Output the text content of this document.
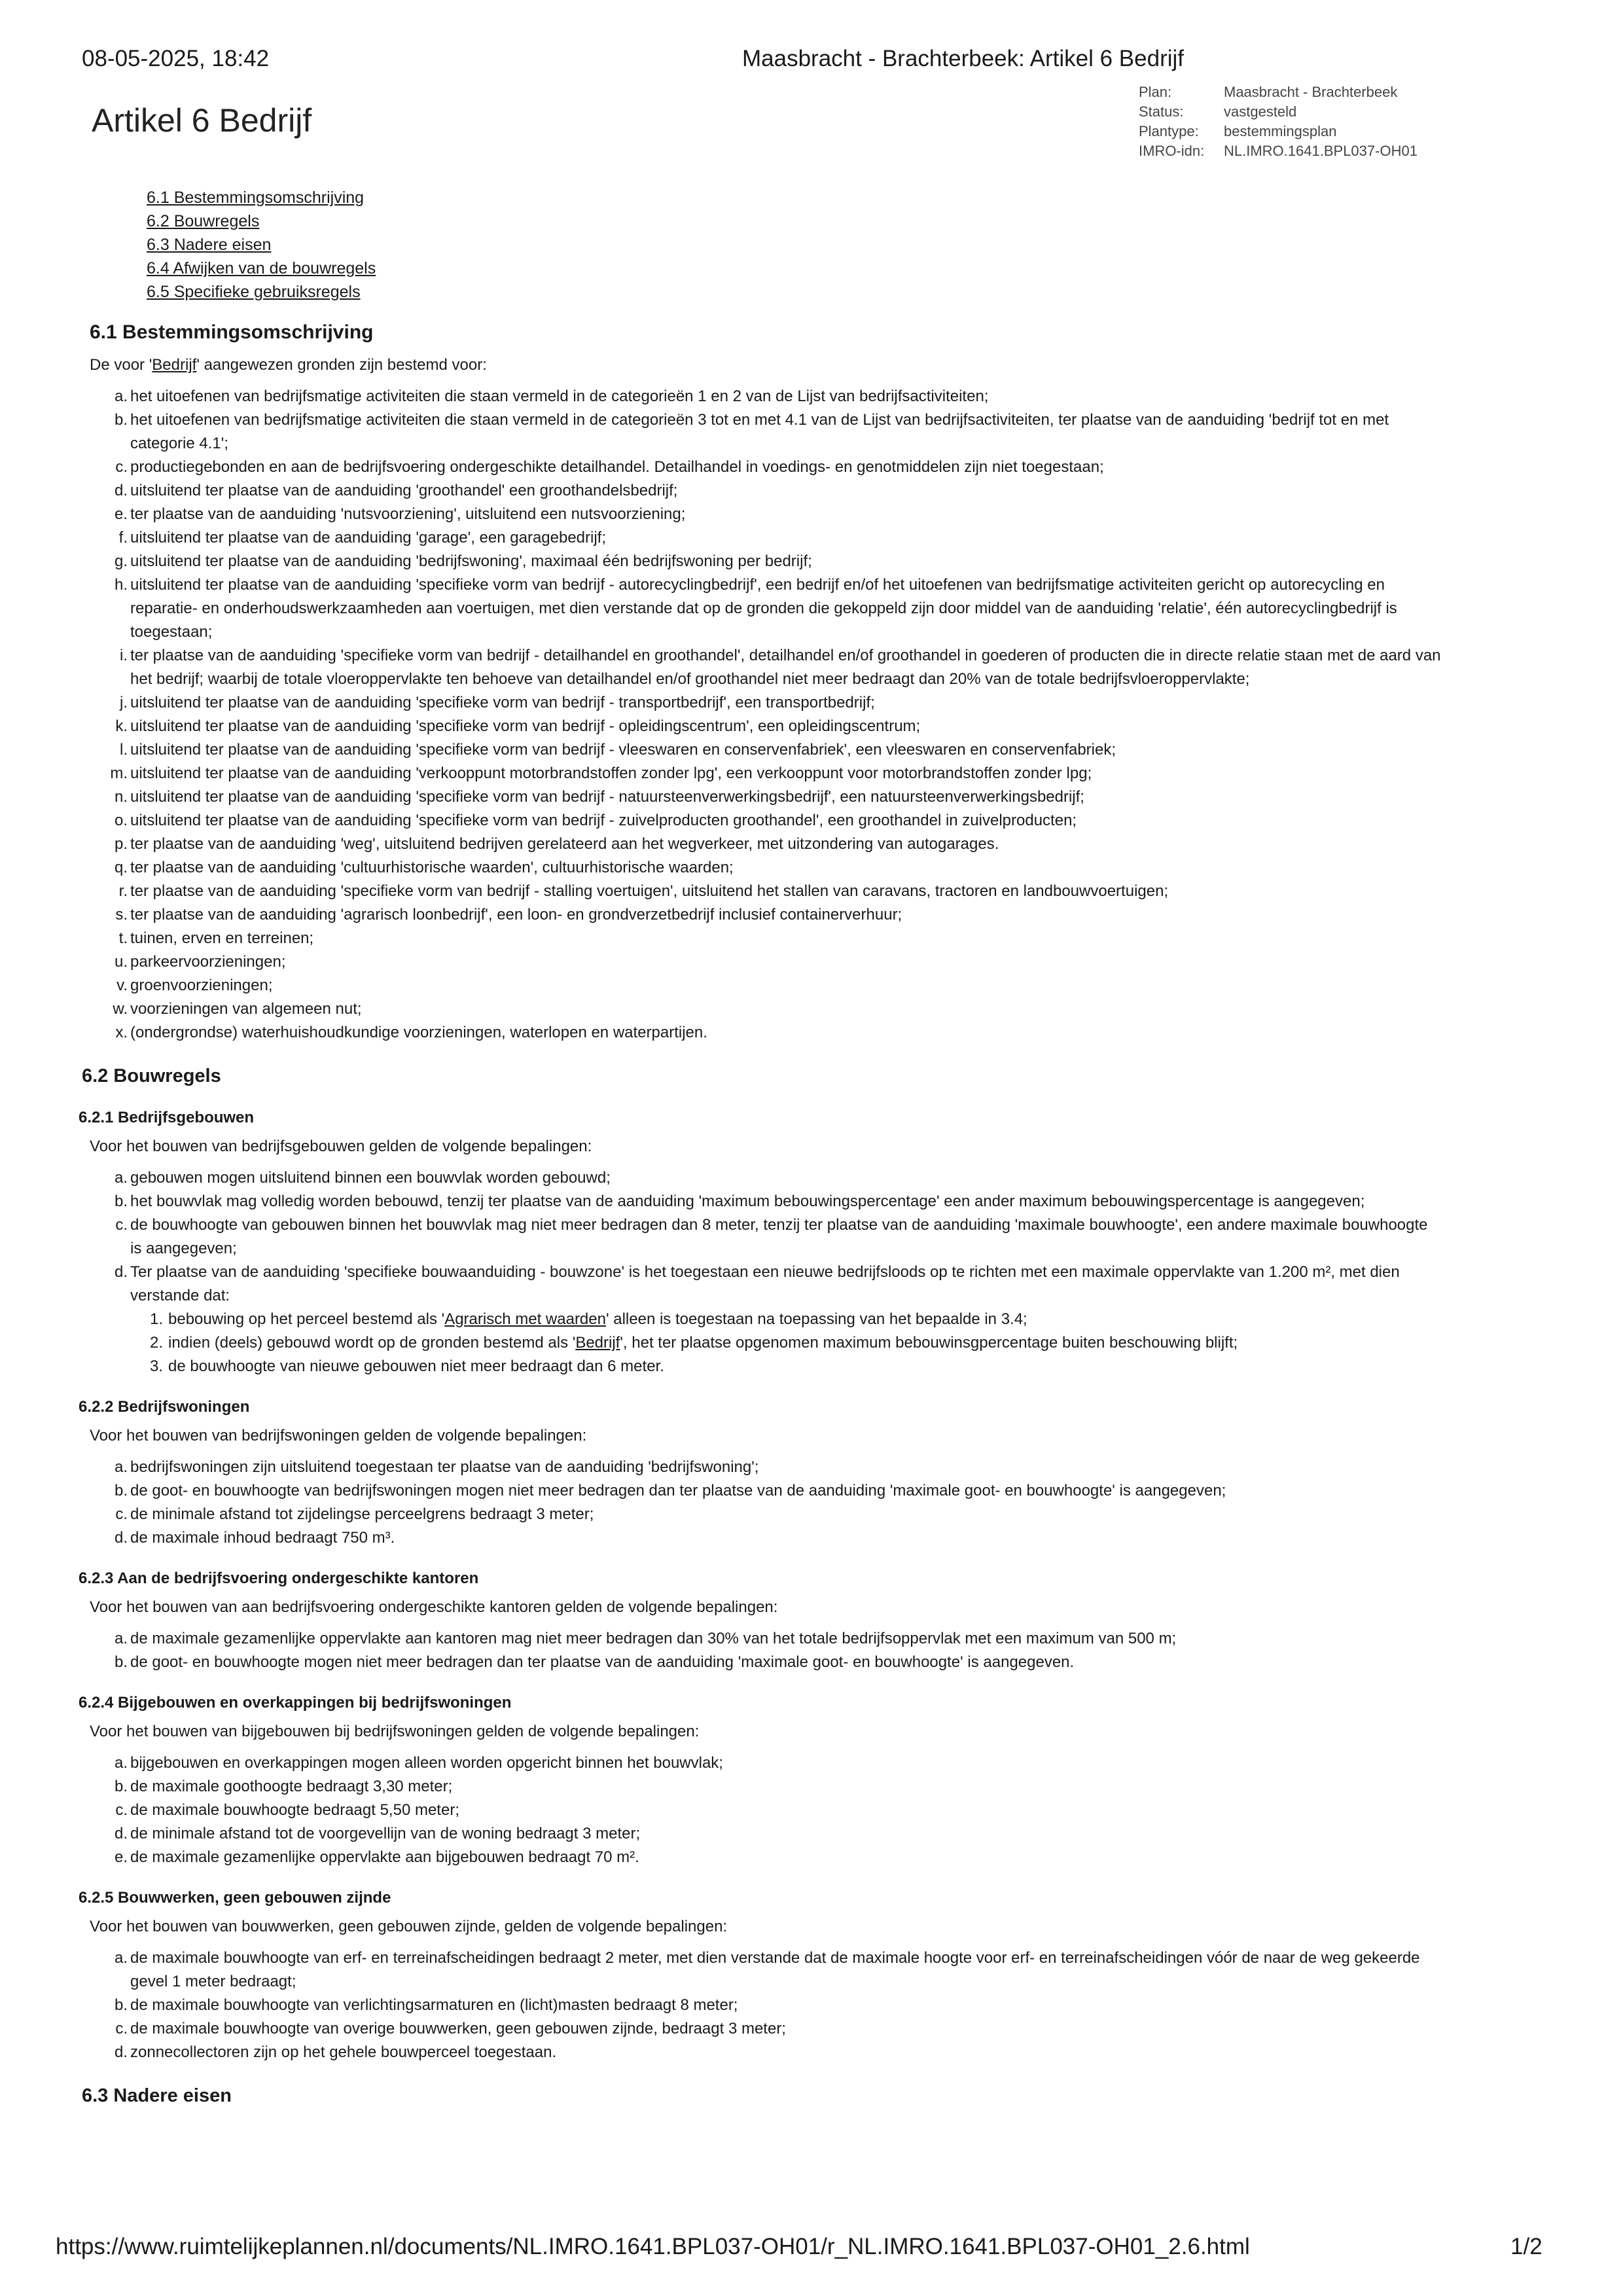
08-05-2025, 18:42	Maasbracht - Brachterbeek: Artikel 6 Bedrijf
Artikel 6 Bedrijf
Plan:	Maasbracht - Brachterbeek
Status:	vastgesteld
Plantype:	bestemmingsplan
IMRO-idn:	NL.IMRO.1641.BPL037-OH01
6.1 Bestemmingsomschrijving
6.2 Bouwregels
6.3 Nadere eisen
6.4 Afwijken van de bouwregels
6.5 Specifieke gebruiksregels
6.1 Bestemmingsomschrijving

De voor 'Bedrijf' aangewezen gronden zijn bestemd voor:

a. het uitoefenen van bedrijfsmatige activiteiten die staan vermeld in de categorieën 1 en 2 van de Lijst van bedrijfsactiviteiten;
b. het uitoefenen van bedrijfsmatige activiteiten die staan vermeld in de categorieën 3 tot en met 4.1 van de Lijst van bedrijfsactiviteiten, ter plaatse van de aanduiding 'bedrijf tot en met categorie 4.1';
c. productiegebonden en aan de bedrijfsvoering ondergeschikte detailhandel. Detailhandel in voedings- en genotmiddelen zijn niet toegestaan;
d. uitsluitend ter plaatse van de aanduiding 'groothandel' een groothandelsbedrijf;
e. ter plaatse van de aanduiding 'nutsvoorziening', uitsluitend een nutsvoorziening;
f. uitsluitend ter plaatse van de aanduiding 'garage', een garagebedrijf;
g. uitsluitend ter plaatse van de aanduiding 'bedrijfswoning', maximaal één bedrijfswoning per bedrijf;
h. uitsluitend ter plaatse van de aanduiding 'specifieke vorm van bedrijf - autorecyclingbedrijf', een bedrijf en/of het uitoefenen van bedrijfsmatige activiteiten gericht op autorecycling en reparatie- en onderhoudswerkzaamheden aan voertuigen, met dien verstande dat op de gronden die gekoppeld zijn door middel van de aanduiding 'relatie', één autorecyclingbedrijf is toegestaan;
i. ter plaatse van de aanduiding 'specifieke vorm van bedrijf - detailhandel en groothandel', detailhandel en/of groothandel in goederen of producten die in directe relatie staan met de aard van het bedrijf; waarbij de totale vloeroppervlakte ten behoeve van detailhandel en/of groothandel niet meer bedraagt dan 20% van de totale bedrijfsvloeroppervlakte;
j. uitsluitend ter plaatse van de aanduiding 'specifieke vorm van bedrijf - transportbedrijf', een transportbedrijf;
k. uitsluitend ter plaatse van de aanduiding 'specifieke vorm van bedrijf - opleidingscentrum', een opleidingscentrum;
l. uitsluitend ter plaatse van de aanduiding 'specifieke vorm van bedrijf - vleeswaren en conservenfabriek', een vleeswaren en conservenfabriek;
m. uitsluitend ter plaatse van de aanduiding 'verkooppunt motorbrandstoffen zonder lpg', een verkooppunt voor motorbrandstoffen zonder lpg;
n. uitsluitend ter plaatse van de aanduiding 'specifieke vorm van bedrijf - natuursteenverwerkingsbedrijf', een natuursteenverwerkingsbedrijf;
o. uitsluitend ter plaatse van de aanduiding 'specifieke vorm van bedrijf - zuivelproducten groothandel', een groothandel in zuivelproducten;
p. ter plaatse van de aanduiding 'weg', uitsluitend bedrijven gerelateerd aan het wegverkeer, met uitzondering van autogarages.
q. ter plaatse van de aanduiding 'cultuurhistorische waarden', cultuurhistorische waarden;
r. ter plaatse van de aanduiding 'specifieke vorm van bedrijf - stalling voertuigen', uitsluitend het stallen van caravans, tractoren en landbouwvoertuigen;
s. ter plaatse van de aanduiding 'agrarisch loonbedrijf', een loon- en grondverzetbedrijf inclusief containerverhuur;
t. tuinen, erven en terreinen;
u. parkeervoorzieningen;
v. groenvoorzieningen;
w. voorzieningen van algemeen nut;
x. (ondergrondse) waterhuishoudkundige voorzieningen, waterlopen en waterpartijen.
6.2 Bouwregels
6.2.1 Bedrijfsgebouwen

Voor het bouwen van bedrijfsgebouwen gelden de volgende bepalingen:

a. gebouwen mogen uitsluitend binnen een bouwvlak worden gebouwd;
b. het bouwvlak mag volledig worden bebouwd, tenzij ter plaatse van de aanduiding 'maximum bebouwingspercentage' een ander maximum bebouwingspercentage is aangegeven;
c. de bouwhoogte van gebouwen binnen het bouwvlak mag niet meer bedragen dan 8 meter, tenzij ter plaatse van de aanduiding 'maximale bouwhoogte', een andere maximale bouwhoogte is aangegeven;
d. Ter plaatse van de aanduiding 'specifieke bouwaanduiding - bouwzone' is het toegestaan een nieuwe bedrijfsloods op te richten met een maximale oppervlakte van 1.200 m², met dien verstande dat:
1. bebouwing op het perceel bestemd als 'Agrarisch met waarden' alleen is toegestaan na toepassing van het bepaalde in 3.4;
2. indien (deels) gebouwd wordt op de gronden bestemd als 'Bedrijf', het ter plaatse opgenomen maximum bebouwinsgpercentage buiten beschouwing blijft;
3. de bouwhoogte van nieuwe gebouwen niet meer bedraagt dan 6 meter.
6.2.2 Bedrijfswoningen

Voor het bouwen van bedrijfswoningen gelden de volgende bepalingen:

a. bedrijfswoningen zijn uitsluitend toegestaan ter plaatse van de aanduiding 'bedrijfswoning';
b. de goot- en bouwhoogte van bedrijfswoningen mogen niet meer bedragen dan ter plaatse van de aanduiding 'maximale goot- en bouwhoogte' is aangegeven;
c. de minimale afstand tot zijdelingse perceelgrens bedraagt 3 meter;
d. de maximale inhoud bedraagt 750 m³.
6.2.3 Aan de bedrijfsvoering ondergeschikte kantoren

Voor het bouwen van aan bedrijfsvoering ondergeschikte kantoren gelden de volgende bepalingen:

a. de maximale gezamenlijke oppervlakte aan kantoren mag niet meer bedragen dan 30% van het totale bedrijfsoppervlak met een maximum van 500 m;
b. de goot- en bouwhoogte mogen niet meer bedragen dan ter plaatse van de aanduiding 'maximale goot- en bouwhoogte' is aangegeven.
6.2.4 Bijgebouwen en overkappingen bij bedrijfswoningen

Voor het bouwen van bijgebouwen bij bedrijfswoningen gelden de volgende bepalingen:

a. bijgebouwen en overkappingen mogen alleen worden opgericht binnen het bouwvlak;
b. de maximale goothoogte bedraagt 3,30 meter;
c. de maximale bouwhoogte bedraagt 5,50 meter;
d. de minimale afstand tot de voorgevellijn van de woning bedraagt 3 meter;
e. de maximale gezamenlijke oppervlakte aan bijgebouwen bedraagt 70 m².
6.2.5 Bouwwerken, geen gebouwen zijnde

Voor het bouwen van bouwwerken, geen gebouwen zijnde, gelden de volgende bepalingen:

a. de maximale bouwhoogte van erf- en terreinafscheidingen bedraagt 2 meter, met dien verstande dat de maximale hoogte voor erf- en terreinafscheidingen vóór de naar de weg gekeerde gevel 1 meter bedraagt;
b. de maximale bouwhoogte van verlichtingsarmaturen en (licht)masten bedraagt 8 meter;
c. de maximale bouwhoogte van overige bouwwerken, geen gebouwen zijnde, bedraagt 3 meter;
d. zonnecollectoren zijn op het gehele bouwperceel toegestaan.
6.3 Nadere eisen
https://www.ruimtelijkeplannen.nl/documents/NL.IMRO.1641.BPL037-OH01/r_NL.IMRO.1641.BPL037-OH01_2.6.html	1/2
